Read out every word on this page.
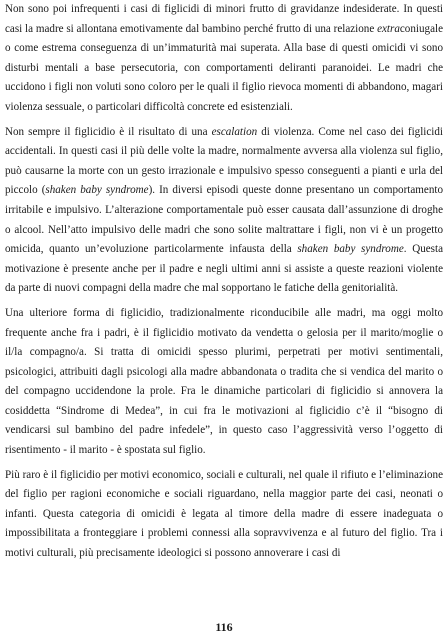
Non sono poi infrequenti i casi di figlicidi di minori frutto di gravidanze indesiderate. In questi casi la madre si allontana emotivamente dal bambino perché frutto di una relazione extraconiugale o come estrema conseguenza di un’immaturità mai superata. Alla base di questi omicidi vi sono disturbi mentali a base persecutoria, con comportamenti deliranti paranoidei. Le madri che uccidono i figli non voluti sono coloro per le quali il figlio rievoca momenti di abbandono, magari violenza sessuale, o particolari difficoltà concrete ed esistenziali.

Non sempre il figlicidio è il risultato di una escalation di violenza. Come nel caso dei figlicidi accidentali. In questi casi il più delle volte la madre, normalmente avversa alla violenza sul figlio, può causarne la morte con un gesto irrazionale e impulsivo spesso conseguenti a pianti e urla del piccolo (shaken baby syndrome). In diversi episodi queste donne presentano un comportamento irritabile e impulsivo. L’alterazione comportamentale può esser causata dall’assunzione di droghe o alcool. Nell’atto impulsivo delle madri che sono solite maltrattare i figli, non vi è un progetto omicida, quanto un’evoluzione particolarmente infausta della shaken baby syndrome. Questa motivazione è presente anche per il padre e negli ultimi anni si assiste a queste reazioni violente da parte di nuovi compagni della madre che mal sopportano le fatiche della genitorialità.

Una ulteriore forma di figlicidio, tradizionalmente riconducibile alle madri, ma oggi molto frequente anche fra i padri, è il figlicidio motivato da vendetta o gelosia per il marito/moglie o il/la compagno/a. Si tratta di omicidi spesso plurimi, perpetrati per motivi sentimentali, psicologici, attribuiti dagli psicologi alla madre abbandonata o tradita che si vendica del marito o del compagno uccidendone la prole. Fra le dinamiche particolari di figlicidio si annovera la cosiddetta “Sindrome di Medea”, in cui fra le motivazioni al figlicidio c’è il “bisogno di vendicarsi sul bambino del padre infedele”, in questo caso l’aggressività verso l’oggetto di risentimento - il marito - è spostata sul figlio.

Più raro è il figlicidio per motivi economico, sociali e culturali, nel quale il rifiuto e l’eliminazione del figlio per ragioni economiche e sociali riguardano, nella maggior parte dei casi, neonati o infanti. Questa categoria di omicidi è legata al timore della madre di essere inadeguata o impossibilitata a fronteggiare i problemi connessi alla sopravvivenza e al futuro del figlio. Tra i motivi culturali, più precisamente ideologici si possono annoverare i casi di

116
